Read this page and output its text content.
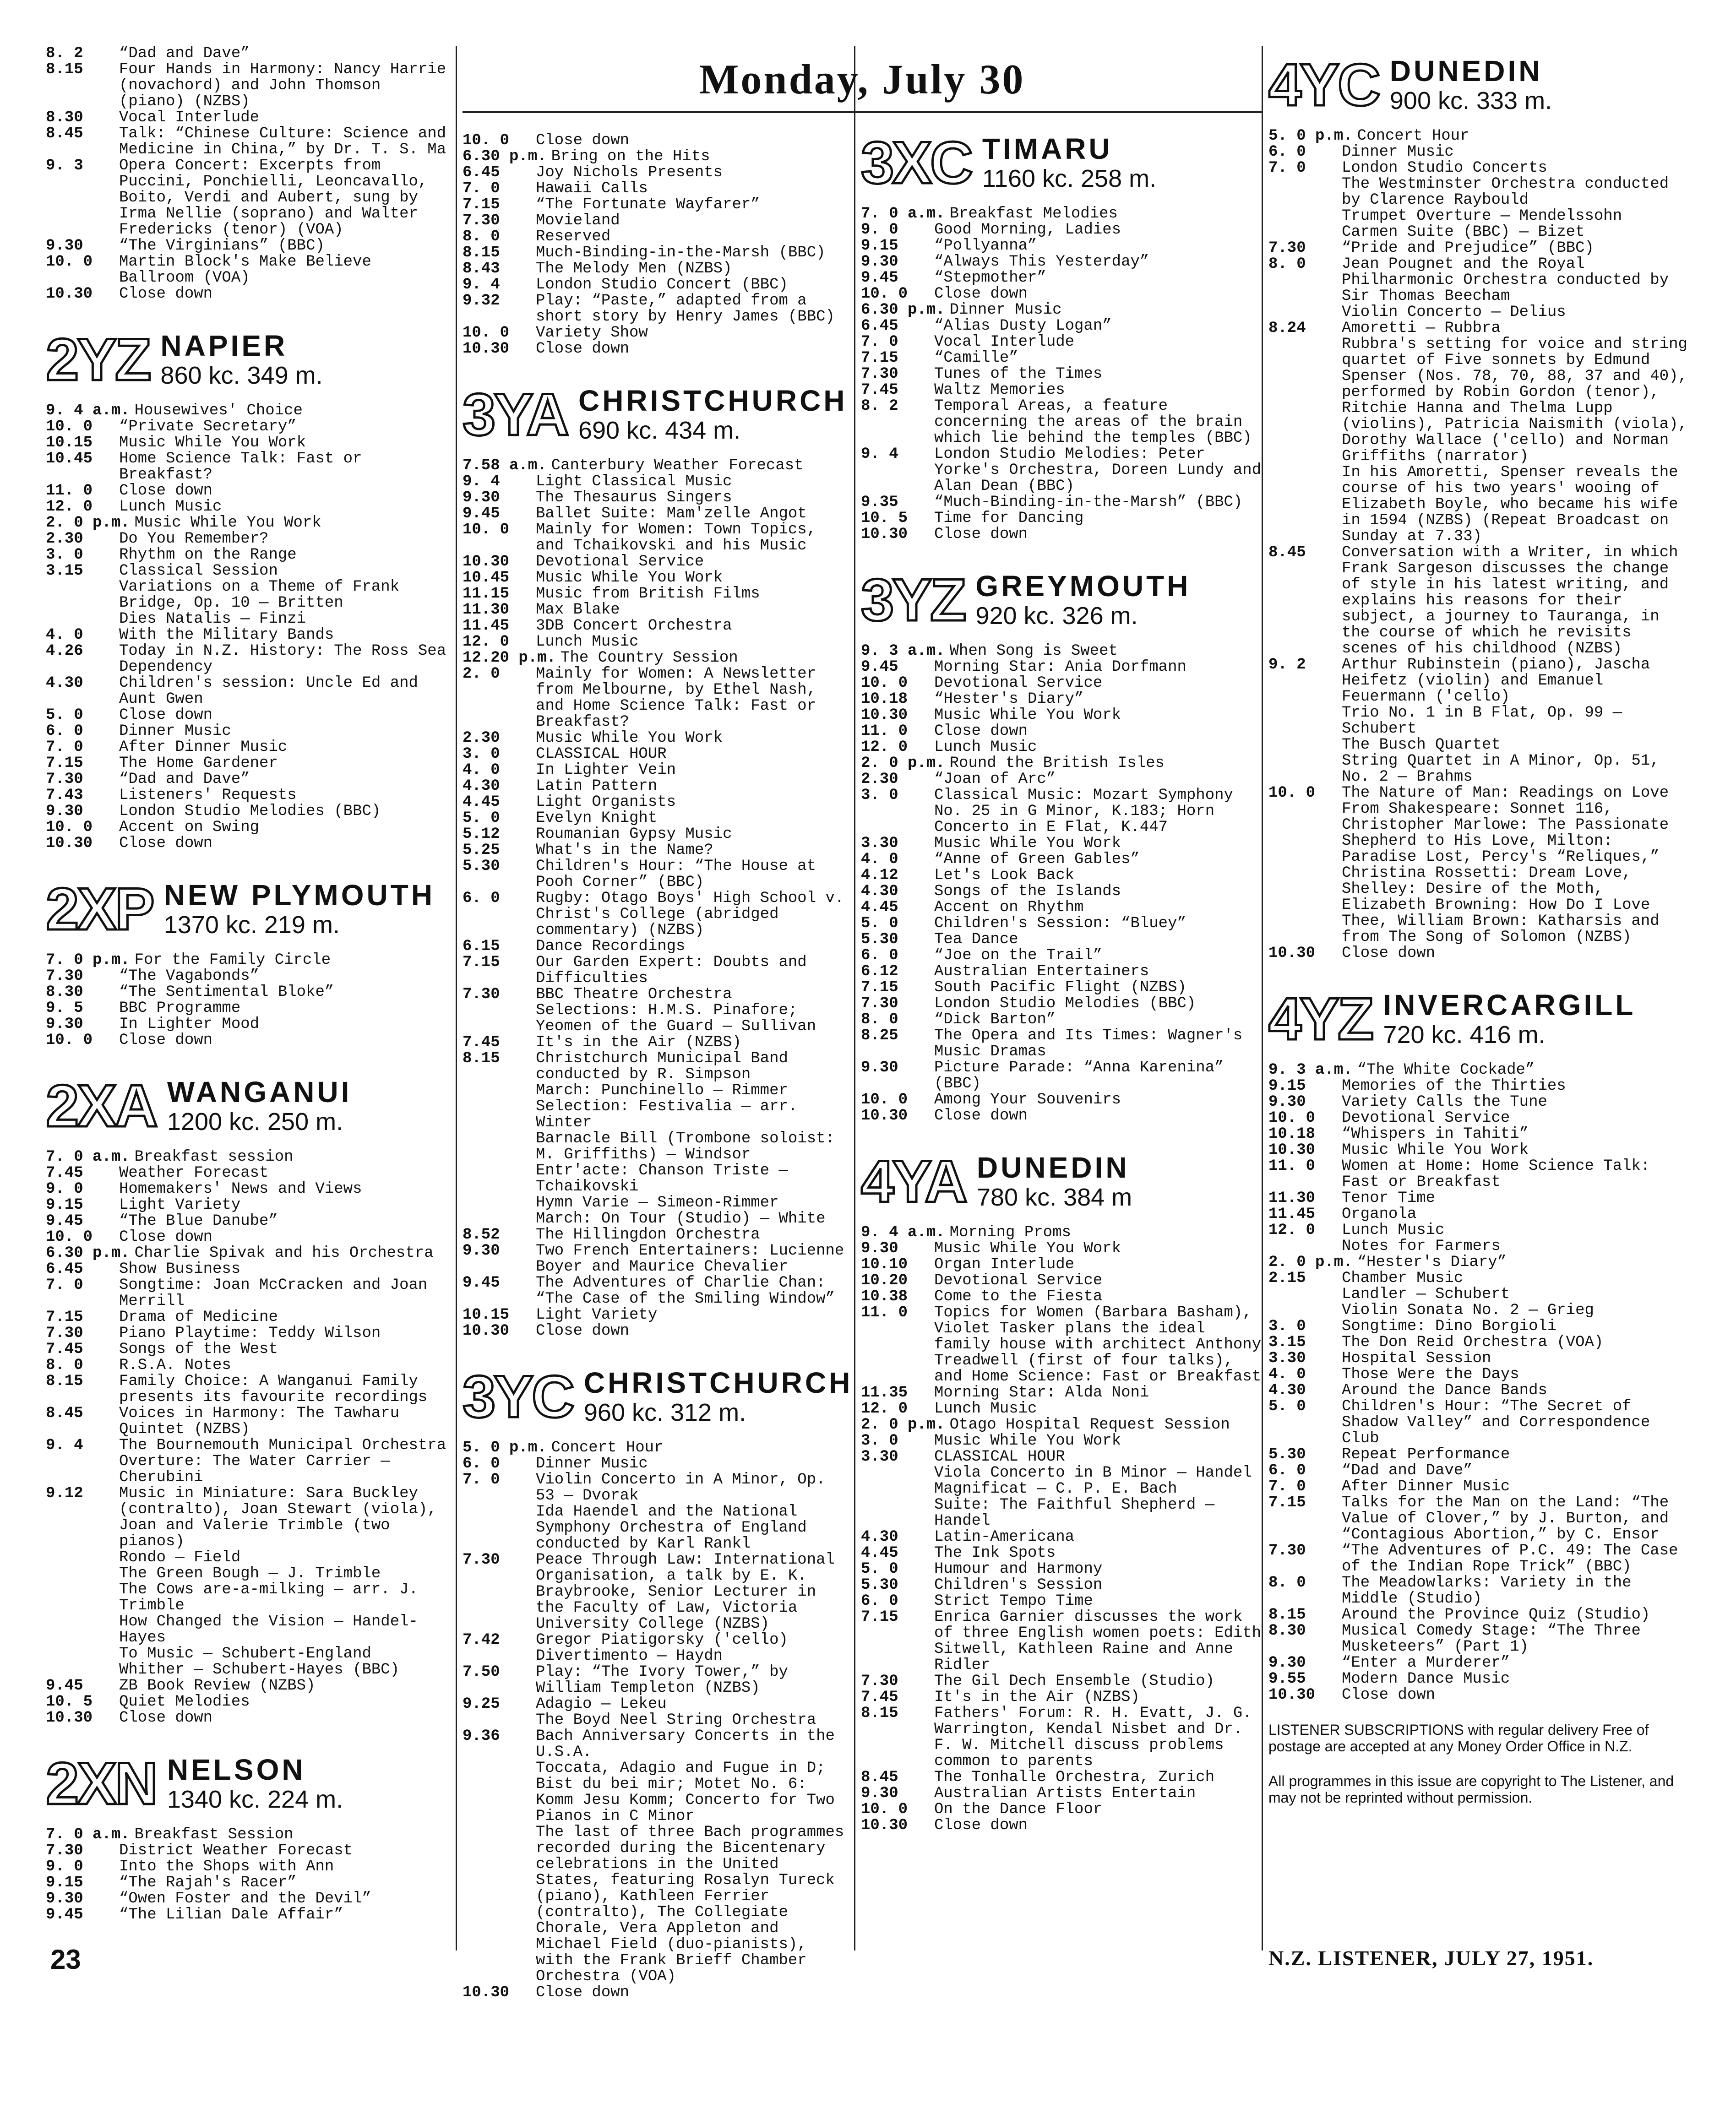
Monday, July 30
8. 2	“Dad and Dave”
8.15	Four Hands in Harmony: Nancy Harrie (novachord) and John Thomson (piano) (NZBS)
8.30	Vocal Interlude
8.45	Talk: “Chinese Culture: Science and Medicine in China,” by Dr. T. S. Ma
9. 3	Opera Concert: Excerpts from Puccini, Ponchielli, Leoncavallo, Boito, Verdi and Aubert, sung by Irma Nellie (soprano) and Walter Fredericks (tenor) (VOA)
9.30	“The Virginians” (BBC)
10. 0	Martin Block's Make Believe Ballroom (VOA)
10.30	Close down
2YZ NAPIER
860 kc. 349 m.
9. 4 a.m. Housewives' Choice
10. 0	“Private Secretary”
10.15	Music While You Work
10.45	Home Science Talk: Fast or Breakfast?
11. 0	Close down
12. 0	Lunch Music
2. 0 p.m. Music While You Work
2.30	Do You Remember?
3. 0	Rhythm on the Range
3.15	Classical Session
Variations on a Theme of Frank Bridge, Op. 10 — Britten
Dies Natalis — Finzi
4. 0	With the Military Bands
4.26	Today in N.Z. History: The Ross Sea Dependency
4.30	Children's session: Uncle Ed and Aunt Gwen
5. 0	Close down
6. 0	Dinner Music
7. 0	After Dinner Music
7.15	The Home Gardener
7.30	“Dad and Dave”
7.43	Listeners' Requests
9.30	London Studio Melodies (BBC)
10. 0	Accent on Swing
10.30	Close down
2XP NEW PLYMOUTH
1370 kc. 219 m.
7. 0 p.m. For the Family Circle
7.30	“The Vagabonds”
8.30	“The Sentimental Bloke”
9. 5	BBC Programme
9.30	In Lighter Mood
10. 0	Close down
2XA WANGANUI
1200 kc. 250 m.
7. 0 a.m. Breakfast session
7.45	Weather Forecast
9. 0	Homemakers' News and Views
9.15	Light Variety
9.45	“The Blue Danube”
10. 0	Close down
6.30 p.m. Charlie Spivak and his Orchestra
6.45	Show Business
7. 0	Songtime: Joan McCracken and Joan Merrill
7.15	Drama of Medicine
7.30	Piano Playtime: Teddy Wilson
7.45	Songs of the West
8. 0	R.S.A. Notes
8.15	Family Choice: A Wanganui Family presents its favourite recordings
8.45	Voices in Harmony: The Tawharu Quintet (NZBS)
9. 4	The Bournemouth Municipal Orchestra
Overture: The Water Carrier — Cherubini
9.12	Music in Miniature: Sara Buckley (contralto), Joan Stewart (viola), Joan and Valerie Trimble (two pianos)
Rondo — Field
The Green Bough — J. Trimble
The Cows are-a-milking — arr. J. Trimble
How Changed the Vision — Handel-Hayes
To Music — Schubert-England
Whither — Schubert-Hayes (BBC)
9.45	ZB Book Review (NZBS)
10. 5	Quiet Melodies
10.30	Close down
2XN NELSON
1340 kc. 224 m.
7. 0 a.m. Breakfast Session
7.30	District Weather Forecast
9. 0	Into the Shops with Ann
9.15	“The Rajah's Racer”
9.30	“Owen Foster and the Devil”
9.45	“The Lilian Dale Affair”
10. 0	Close down
6.30 p.m. Bring on the Hits
6.45	Joy Nichols Presents
7. 0	Hawaii Calls
7.15	“The Fortunate Wayfarer”
7.30	Movieland
8. 0	Reserved
8.15	Much-Binding-in-the-Marsh (BBC)
8.43	The Melody Men (NZBS)
9. 4	London Studio Concert (BBC)
9.32	Play: “Paste,” adapted from a short story by Henry James (BBC)
10. 0	Variety Show
10.30	Close down
3YA CHRISTCHURCH
690 kc. 434 m.
7.58 a.m. Canterbury Weather Forecast
9. 4	Light Classical Music
9.30	The Thesaurus Singers
9.45	Ballet Suite: Mam'zelle Angot
10. 0	Mainly for Women: Town Topics, and Tchaikovski and his Music
10.30	Devotional Service
10.45	Music While You Work
11.15	Music from British Films
11.30	Max Blake
11.45	3DB Concert Orchestra
12. 0	Lunch Music
12.20 p.m. The Country Session
2. 0	Mainly for Women: A Newsletter from Melbourne, by Ethel Nash, and Home Science Talk: Fast or Breakfast?
2.30	Music While You Work
3. 0	CLASSICAL HOUR
4. 0	In Lighter Vein
4.30	Latin Pattern
4.45	Light Organists
5. 0	Evelyn Knight
5.12	Roumanian Gypsy Music
5.25	What's in the Name?
5.30	Children's Hour: “The House at Pooh Corner” (BBC)
6. 0	Rugby: Otago Boys' High School v. Christ's College (abridged commentary) (NZBS)
6.15	Dance Recordings
7.15	Our Garden Expert: Doubts and Difficulties
7.30	BBC Theatre Orchestra
Selections: H.M.S. Pinafore; Yeomen of the Guard — Sullivan
7.45	It's in the Air (NZBS)
8.15	Christchurch Municipal Band conducted by R. Simpson
March: Punchinello — Rimmer
Selection: Festivalia — arr. Winter
Barnacle Bill (Trombone soloist: M. Griffiths) — Windsor
Entr'acte: Chanson Triste — Tchaikovski
Hymn Varie — Simeon-Rimmer
March: On Tour (Studio) — White
8.52	The Hillingdon Orchestra
9.30	Two French Entertainers: Lucienne Boyer and Maurice Chevalier
9.45	The Adventures of Charlie Chan: “The Case of the Smiling Window”
10.15	Light Variety
10.30	Close down
3YC CHRISTCHURCH
960 kc. 312 m.
5. 0 p.m. Concert Hour
6. 0	Dinner Music
7. 0	Violin Concerto in A Minor, Op. 53 — Dvorak
Ida Haendel and the National Symphony Orchestra of England conducted by Karl Rankl
7.30	Peace Through Law: International Organisation, a talk by E. K. Braybrooke, Senior Lecturer in the Faculty of Law, Victoria University College (NZBS)
7.42	Gregor Piatigorsky ('cello)
Divertimento — Haydn
7.50	Play: “The Ivory Tower,” by William Templeton (NZBS)
9.25	Adagio — Lekeu
The Boyd Neel String Orchestra
9.36	Bach Anniversary Concerts in the U.S.A.
Toccata, Adagio and Fugue in D; Bist du bei mir; Motet No. 6: Komm Jesu Komm; Concerto for Two Pianos in C Minor
The last of three Bach programmes recorded during the Bicentenary celebrations in the United States, featuring Rosalyn Tureck (piano), Kathleen Ferrier (contralto), The Collegiate Chorale, Vera Appleton and Michael Field (duo-pianists), with the Frank Brieff Chamber Orchestra (VOA)
10.30	Close down
3XC TIMARU
1160 kc. 258 m.
7. 0 a.m. Breakfast Melodies
9. 0	Good Morning, Ladies
9.15	“Pollyanna”
9.30	“Always This Yesterday”
9.45	“Stepmother”
10. 0	Close down
6.30 p.m. Dinner Music
6.45	“Alias Dusty Logan”
7. 0	Vocal Interlude
7.15	“Camille”
7.30	Tunes of the Times
7.45	Waltz Memories
8. 2	Temporal Areas, a feature concerning the areas of the brain which lie behind the temples (BBC)
9. 4	London Studio Melodies: Peter Yorke's Orchestra, Doreen Lundy and Alan Dean (BBC)
9.35	“Much-Binding-in-the-Marsh” (BBC)
10. 5	Time for Dancing
10.30	Close down
3YZ GREYMOUTH
920 kc. 326 m.
9. 3 a.m. When Song is Sweet
9.45	Morning Star: Ania Dorfmann
10. 0	Devotional Service
10.18	“Hester's Diary”
10.30	Music While You Work
11. 0	Close down
12. 0	Lunch Music
2. 0 p.m. Round the British Isles
2.30	“Joan of Arc”
3. 0	Classical Music: Mozart Symphony No. 25 in G Minor, K.183; Horn Concerto in E Flat, K.447
3.30	Music While You Work
4. 0	“Anne of Green Gables”
4.12	Let's Look Back
4.30	Songs of the Islands
4.45	Accent on Rhythm
5. 0	Children's Session: “Bluey”
5.30	Tea Dance
6. 0	“Joe on the Trail”
6.12	Australian Entertainers
7.15	South Pacific Flight (NZBS)
7.30	London Studio Melodies (BBC)
8. 0	“Dick Barton”
8.25	The Opera and Its Times: Wagner's Music Dramas
9.30	Picture Parade: “Anna Karenina” (BBC)
10. 0	Among Your Souvenirs
10.30	Close down
4YA DUNEDIN
780 kc. 384 m
9. 4 a.m. Morning Proms
9.30	Music While You Work
10.10	Organ Interlude
10.20	Devotional Service
10.38	Come to the Fiesta
11. 0	Topics for Women (Barbara Basham), Violet Tasker plans the ideal family house with architect Anthony Treadwell (first of four talks), and Home Science: Fast or Breakfast
11.35	Morning Star: Alda Noni
12. 0	Lunch Music
2. 0 p.m. Otago Hospital Request Session
3. 0	Music While You Work
3.30	CLASSICAL HOUR
Viola Concerto in B Minor — Handel
Magnificat — C. P. E. Bach
Suite: The Faithful Shepherd — Handel
4.30	Latin-Americana
4.45	The Ink Spots
5. 0	Humour and Harmony
5.30	Children's Session
6. 0	Strict Tempo Time
7.15	Enrica Garnier discusses the work of three English women poets: Edith Sitwell, Kathleen Raine and Anne Ridler
7.30	The Gil Dech Ensemble (Studio)
7.45	It's in the Air (NZBS)
8.15	Fathers' Forum: R. H. Evatt, J. G. Warrington, Kendal Nisbet and Dr. F. W. Mitchell discuss problems common to parents
8.45	The Tonhalle Orchestra, Zurich
9.30	Australian Artists Entertain
10. 0	On the Dance Floor
10.30	Close down
4YC DUNEDIN
900 kc. 333 m.
5. 0 p.m. Concert Hour
6. 0	Dinner Music
7. 0	London Studio Concerts
The Westminster Orchestra conducted by Clarence Raybould
Trumpet Overture — Mendelssohn
Carmen Suite (BBC) — Bizet
7.30	“Pride and Prejudice” (BBC)
8. 0	Jean Pougnet and the Royal Philharmonic Orchestra conducted by Sir Thomas Beecham
Violin Concerto — Delius
8.24	Amoretti — Rubbra
Rubbra's setting for voice and string quartet of Five sonnets by Edmund Spenser (Nos. 78, 70, 88, 37 and 40), performed by Robin Gordon (tenor), Ritchie Hanna and Thelma Lupp (violins), Patricia Naismith (viola), Dorothy Wallace ('cello) and Norman Griffiths (narrator)
In his Amoretti, Spenser reveals the course of his two years' wooing of Elizabeth Boyle, who became his wife in 1594 (NZBS) (Repeat Broadcast on Sunday at 7.33)
8.45	Conversation with a Writer, in which Frank Sargeson discusses the change of style in his latest writing, and explains his reasons for their subject, a journey to Tauranga, in the course of which he revisits scenes of his childhood (NZBS)
9. 2	Arthur Rubinstein (piano), Jascha Heifetz (violin) and Emanuel Feuermann ('cello)
Trio No. 1 in B Flat, Op. 99 — Schubert
The Busch Quartet
String Quartet in A Minor, Op. 51, No. 2 — Brahms
10. 0	The Nature of Man: Readings on Love
From Shakespeare: Sonnet 116, Christopher Marlowe: The Passionate Shepherd to His Love, Milton: Paradise Lost, Percy's “Reliques,” Christina Rossetti: Dream Love, Shelley: Desire of the Moth, Elizabeth Browning: How Do I Love Thee, William Brown: Katharsis and from The Song of Solomon (NZBS)
10.30	Close down
4YZ INVERCARGILL
720 kc. 416 m.
9. 3 a.m. “The White Cockade”
9.15	Memories of the Thirties
9.30	Variety Calls the Tune
10. 0	Devotional Service
10.18	“Whispers in Tahiti”
10.30	Music While You Work
11. 0	Women at Home: Home Science Talk: Fast or Breakfast
11.30	Tenor Time
11.45	Organola
12. 0	Lunch Music
Notes for Farmers
2. 0 p.m. “Hester's Diary”
2.15	Chamber Music
Landler — Schubert
Violin Sonata No. 2 — Grieg
3. 0	Songtime: Dino Borgioli
3.15	The Don Reid Orchestra (VOA)
3.30	Hospital Session
4. 0	Those Were the Days
4.30	Around the Dance Bands
5. 0	Children's Hour: “The Secret of Shadow Valley” and Correspondence Club
5.30	Repeat Performance
6. 0	“Dad and Dave”
7. 0	After Dinner Music
7.15	Talks for the Man on the Land: “The Value of Clover,” by J. Burton, and “Contagious Abortion,” by C. Ensor
7.30	“The Adventures of P.C. 49: The Case of the Indian Rope Trick” (BBC)
8. 0	The Meadowlarks: Variety in the Middle (Studio)
8.15	Around the Province Quiz (Studio)
8.30	Musical Comedy Stage: “The Three Musketeers” (Part 1)
9.30	“Enter a Murderer”
9.55	Modern Dance Music
10.30	Close down
LISTENER SUBSCRIPTIONS with regular delivery Free of postage are accepted at any Money Order Office in N.Z.
All programmes in this issue are copyright to The Listener, and may not be reprinted without permission.
23	N.Z. LISTENER, JULY 27, 1951.
